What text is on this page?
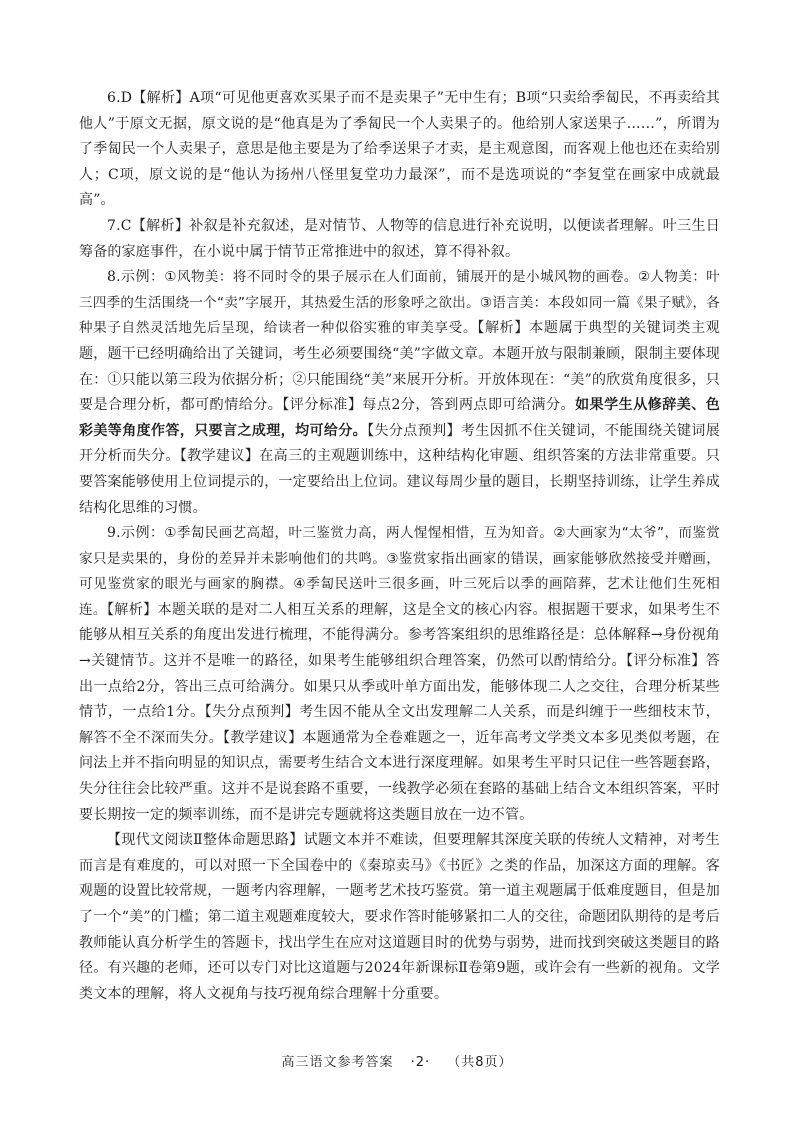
6.D【解析】A项“可见他更喜欢买果子而不是卖果子”无中生有；B项“只卖给季匐民，不再卖给其他人”于原文无据，原文说的是“他真是为了季匐民一个人卖果子的。他给别人家送果子……”，所谓为了季匐民一个人卖果子，意思是他主要是为了给季送果子才卖，是主观意图，而客观上他也还在卖给别人；C项，原文说的是“他认为扬州八怪里复堂功力最深”，而不是选项说的“李复堂在画家中成就最高”。

7.C【解析】补叙是补充叙述，是对情节、人物等的信息进行补充说明，以便读者理解。叶三生日筹备的家庭事件，在小说中属于情节正常推进中的叙述，算不得补叙。

8.示例：①风物美：将不同时令的果子展示在人们面前，铺展开的是小城风物的画卷。②人物美：叶三四季的生活围绕一个“卖”字展开，其热爱生活的形象呼之欲出。③语言美：本段如同一篇《果子赋》，各种果子自然灵活地先后呈现，给读者一种似俗实雅的审美享受。【解析】本题属于典型的关键词类主观题，题干已经明确给出了关键词，考生必须要围绕“美”字做文章。本题开放与限制兼顾，限制主要体现在：①只能以第三段为依据分析；②只能围绕“美”来展开分析。开放体现在：“美”的欣赏角度很多，只要是合理分析，都可酌情给分。【评分标准】每点2分，答到两点即可给满分。如果学生从修辞美、色彩美等角度作答，只要言之成理，均可给分。【失分点预判】考生因抓不住关键词，不能围绕关键词展开分析而失分。【教学建议】在高三的主观题训练中，这种结构化审题、组织答案的方法非常重要。只要答案能够使用上位词提示的，一定要给出上位词。建议每周少量的题目，长期坚持训练，让学生养成结构化思维的习惯。

9.示例：①季匐民画艺高超，叶三鉴赏力高，两人惺惺相惜，互为知音。②大画家为“太爷”，而鉴赏家只是卖果的，身份的差异并未影响他们的共鸣。③鉴赏家指出画家的错误，画家能够欣然接受并赠画，可见鉴赏家的眼光与画家的胸襟。④季匐民送叶三很多画，叶三死后以季的画陪葬，艺术让他们生死相连。【解析】本题关联的是对二人相互关系的理解，这是全文的核心内容。根据题干要求，如果考生不能够从相互关系的角度出发进行梳理，不能得满分。参考答案组织的思维路径是：总体解释→身份视角→关键情节。这并不是唯一的路径，如果考生能够组织合理答案，仍然可以酌情给分。【评分标准】答出一点给2分，答出三点可给满分。如果只从季或叶单方面出发，能够体现二人之交往，合理分析某些情节，一点给1分。【失分点预判】考生因不能从全文出发理解二人关系，而是纠缠于一些细枝末节，解答不全不深而失分。【教学建议】本题通常为全卷难题之一，近年高考文学类文本多见类似考题，在问法上并不指向明显的知识点，需要考生结合文本进行深度理解。如果考生平时只记住一些答题套路，失分往往会比较严重。这并不是说套路不重要，一线教学必须在套路的基础上结合文本组织答案，平时要长期按一定的频率训练，而不是讲完专题就将这类题目放在一边不管。

【现代文阅读Ⅱ整体命题思路】试题文本并不难读，但要理解其深度关联的传统人文精神，对考生而言是有难度的，可以对照一下全国卷中的《秦琼卖马》《书匠》之类的作品，加深这方面的理解。客观题的设置比较常规，一题考内容理解，一题考艺术技巧鉴赏。第一道主观题属于低难度题目，但是加了一个“美”的门槛；第二道主观题难度较大，要求作答时能够紧扣二人的交往，命题团队期待的是考后教师能认真分析学生的答题卡，找出学生在应对这道题目时的优势与弱势，进而找到突破这类题目的路径。有兴趣的老师，还可以专门对比这道题与2024年新课标Ⅱ卷第9题，或许会有一些新的视角。文学类文本的理解，将人文视角与技巧视角综合理解十分重要。

高三语文参考答案 ·2· （共8页）
